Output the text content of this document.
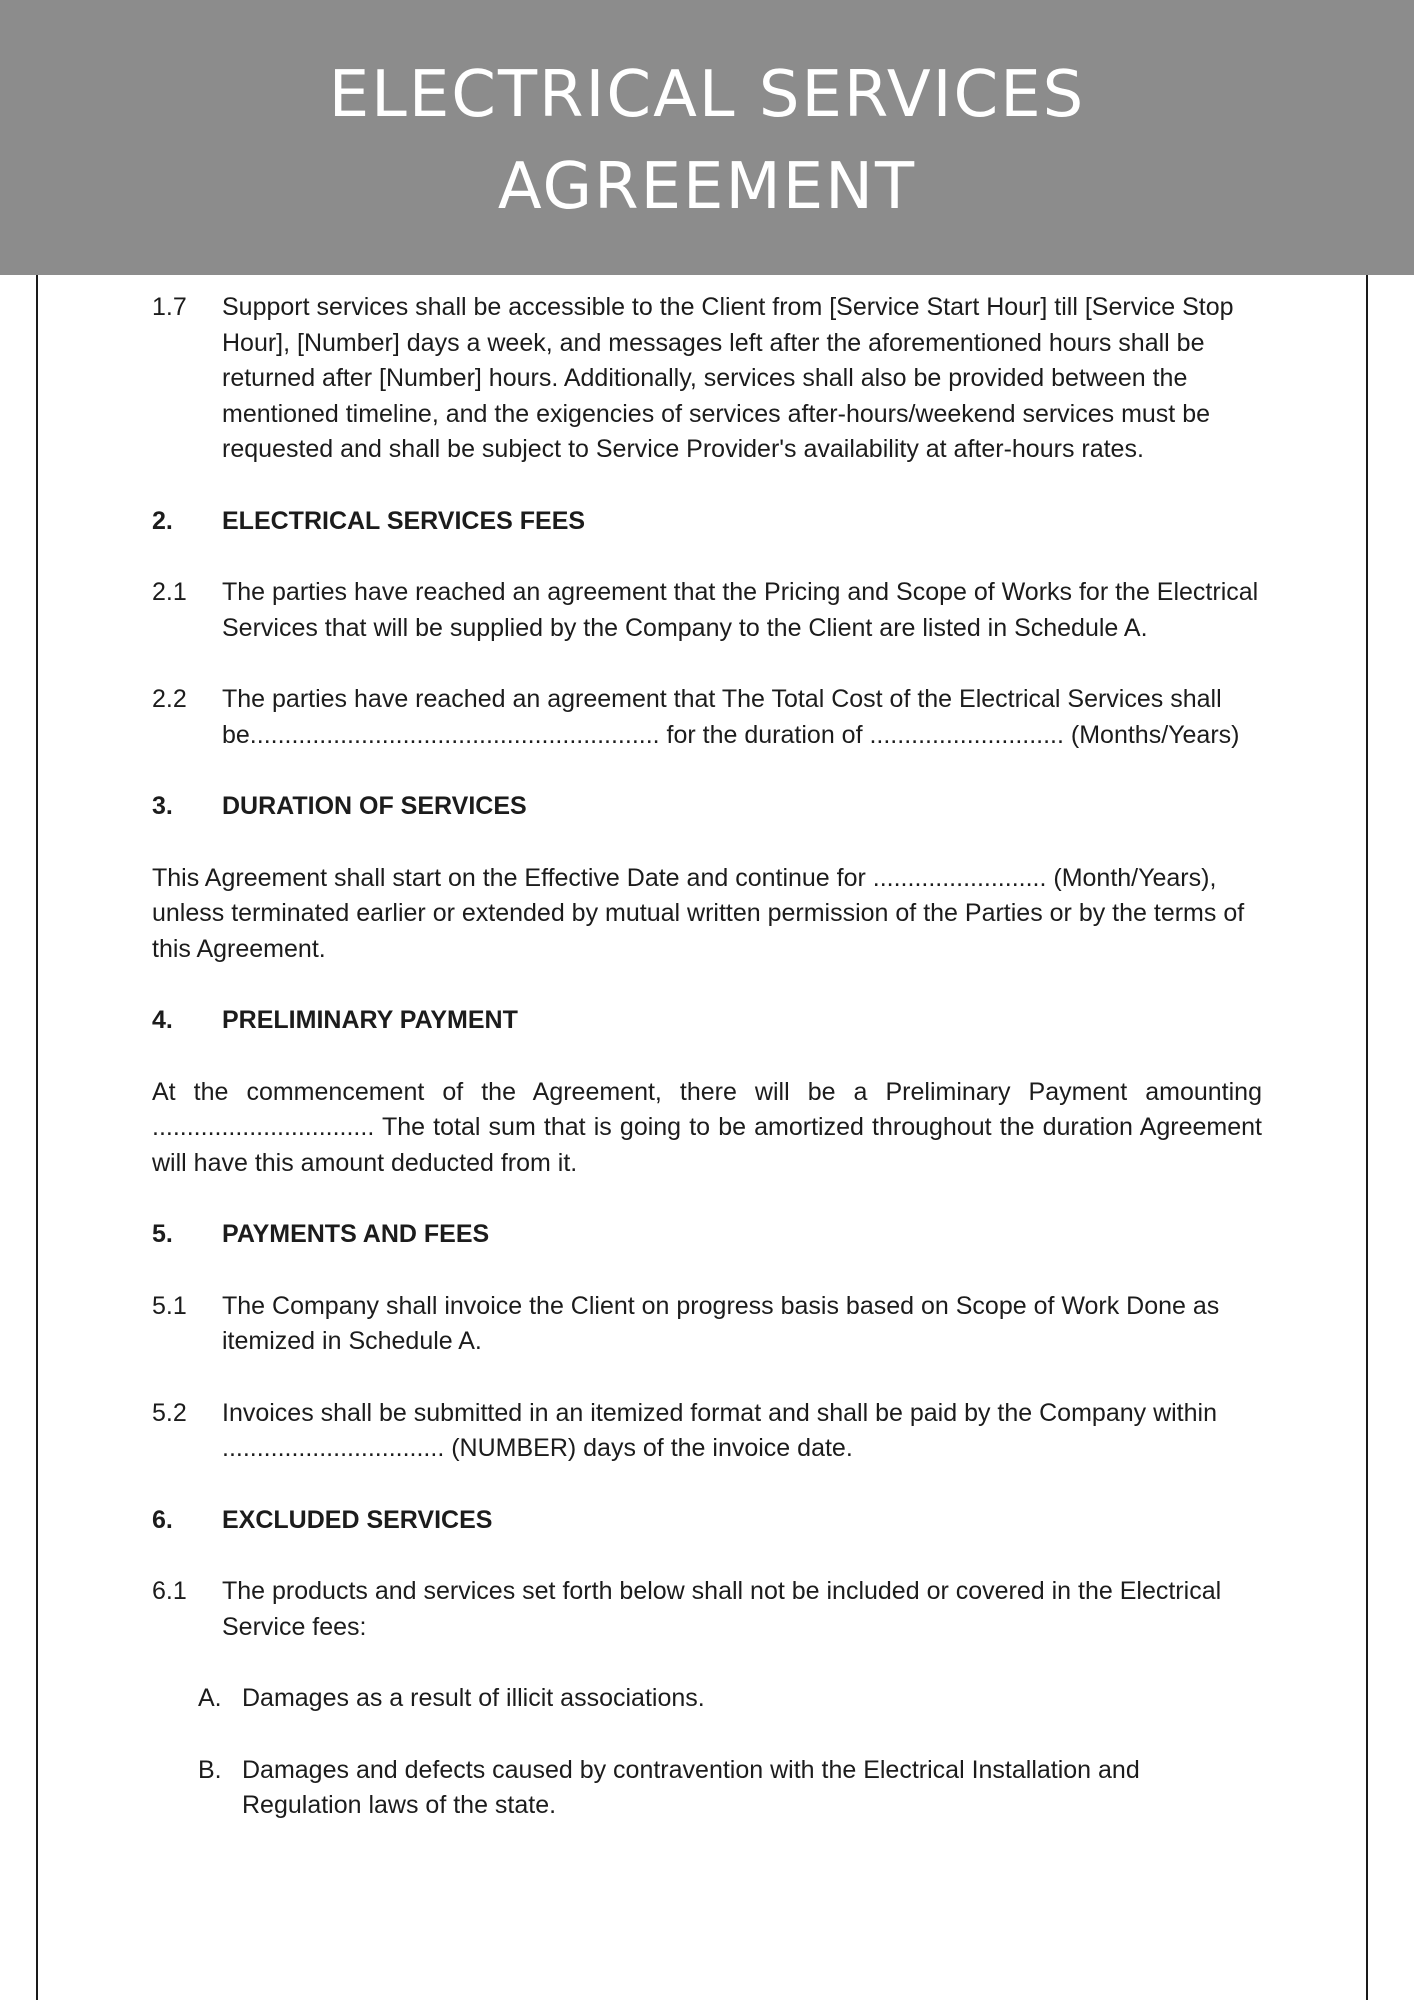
ELECTRICAL SERVICES
AGREEMENT
1.7	Support services shall be accessible to the Client from [Service Start Hour] till [Service Stop Hour], [Number] days a week, and messages left after the aforementioned hours shall be returned after [Number] hours. Additionally, services shall also be provided between the mentioned timeline, and the exigencies of services after-hours/weekend services must be requested and shall be subject to Service Provider's availability at after-hours rates.
2.	ELECTRICAL SERVICES FEES
2.1	The parties have reached an agreement that the Pricing and Scope of Works for the Electrical Services that will be supplied by the Company to the Client are listed in Schedule A.
2.2	The parties have reached an agreement that The Total Cost of the Electrical Services shall be........................................................... for the duration of ............................ (Months/Years)
3.	DURATION OF SERVICES
This Agreement shall start on the Effective Date and continue for ......................... (Month/Years), unless terminated earlier or extended by mutual written permission of the Parties or by the terms of this Agreement.
4.	PRELIMINARY PAYMENT
At the commencement of the Agreement, there will be a Preliminary Payment amounting ................................ The total sum that is going to be amortized throughout the duration Agreement will have this amount deducted from it.
5.	PAYMENTS AND FEES
5.1	The Company shall invoice the Client on progress basis based on Scope of Work Done as itemized in Schedule A.
5.2	Invoices shall be submitted in an itemized format and shall be paid by the Company within ................................ (NUMBER) days of the invoice date.
6.	EXCLUDED SERVICES
6.1	The products and services set forth below shall not be included or covered in the Electrical Service fees:
A. Damages as a result of illicit associations.
B. Damages and defects caused by contravention with the Electrical Installation and Regulation laws of the state.
